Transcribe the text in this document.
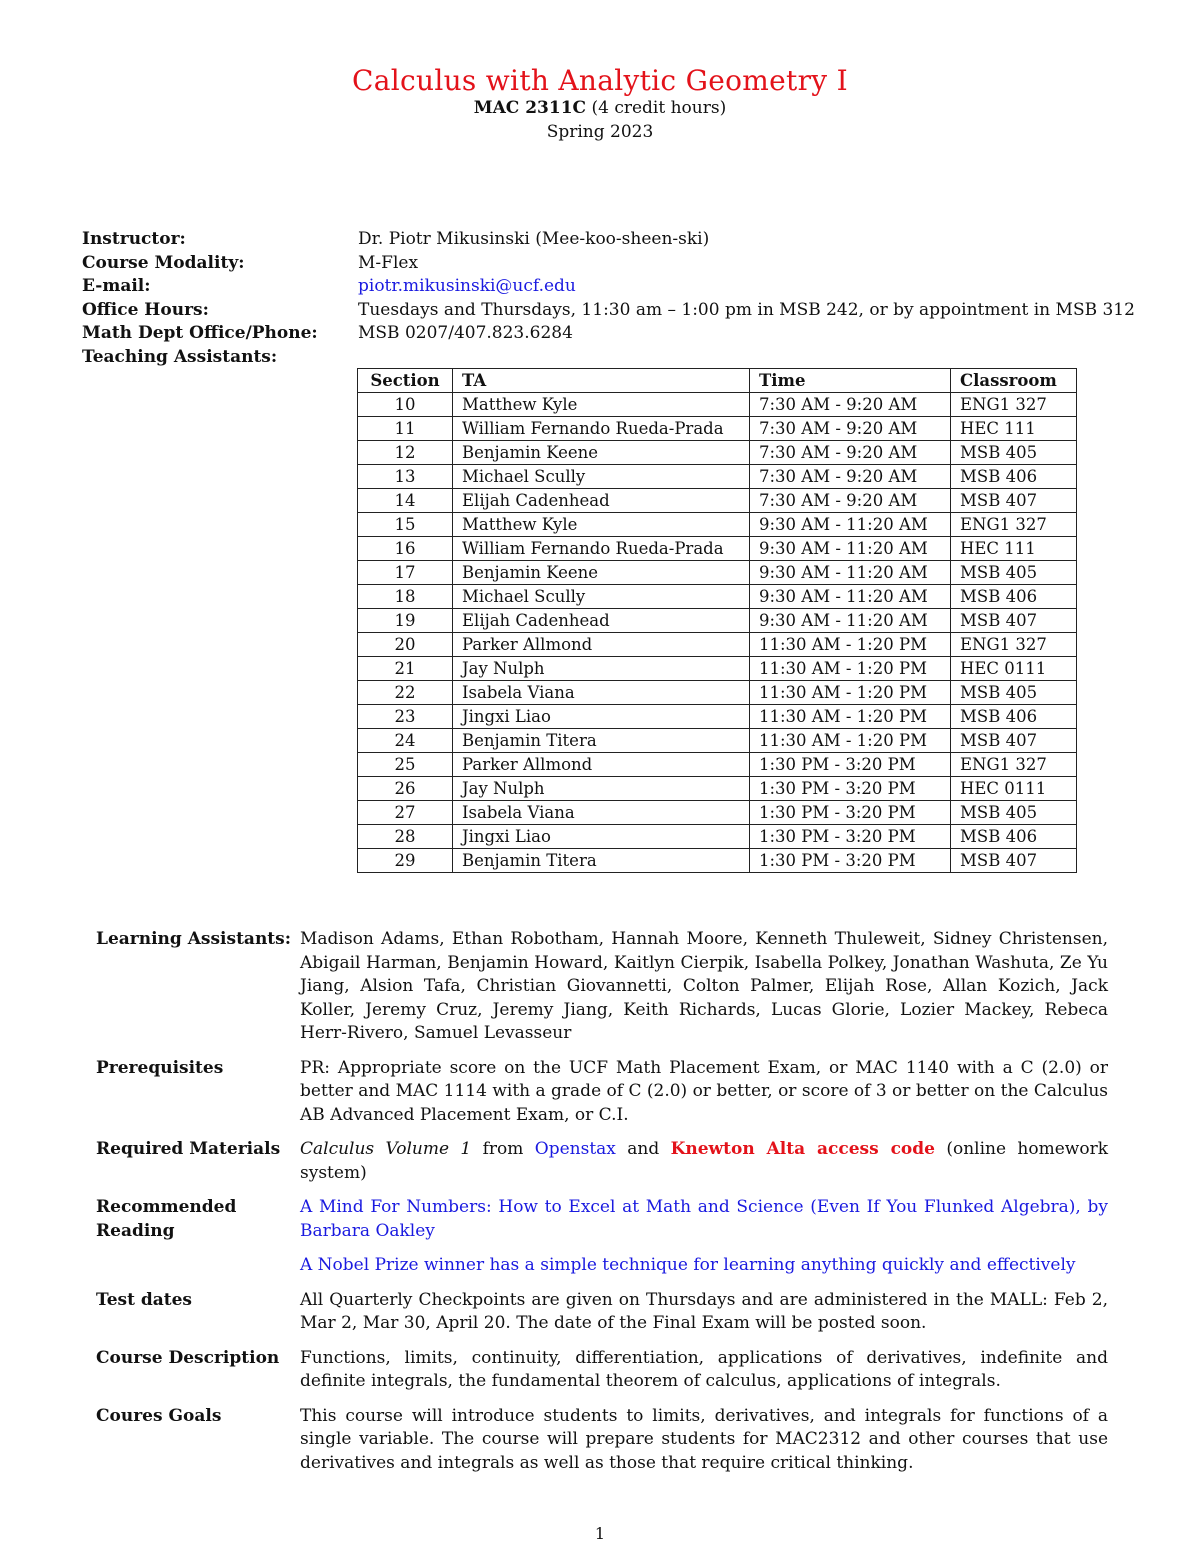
Calculus with Analytic Geometry I
MAC 2311C (4 credit hours)
Spring 2023
Instructor:	Dr. Piotr Mikusinski (Mee-koo-sheen-ski)
Course Modality:	M-Flex
E-mail:	piotr.mikusinski@ucf.edu
Office Hours:	Tuesdays and Thursdays, 11:30 am – 1:00 pm in MSB 242, or by appointment in MSB 312
Math Dept Office/Phone:	MSB 0207/407.823.6284
Teaching Assistants:
Section	TA	Time	Classroom
10	Matthew Kyle	7:30 AM - 9:20 AM	ENG1 327
11	William Fernando Rueda-Prada	7:30 AM - 9:20 AM	HEC 111
12	Benjamin Keene	7:30 AM - 9:20 AM	MSB 405
13	Michael Scully	7:30 AM - 9:20 AM	MSB 406
14	Elijah Cadenhead	7:30 AM - 9:20 AM	MSB 407
15	Matthew Kyle	9:30 AM - 11:20 AM	ENG1 327
16	William Fernando Rueda-Prada	9:30 AM - 11:20 AM	HEC 111
17	Benjamin Keene	9:30 AM - 11:20 AM	MSB 405
18	Michael Scully	9:30 AM - 11:20 AM	MSB 406
19	Elijah Cadenhead	9:30 AM - 11:20 AM	MSB 407
20	Parker Allmond	11:30 AM - 1:20 PM	ENG1 327
21	Jay Nulph	11:30 AM - 1:20 PM	HEC 0111
22	Isabela Viana	11:30 AM - 1:20 PM	MSB 405
23	Jingxi Liao	11:30 AM - 1:20 PM	MSB 406
24	Benjamin Titera	11:30 AM - 1:20 PM	MSB 407
25	Parker Allmond	1:30 PM - 3:20 PM	ENG1 327
26	Jay Nulph	1:30 PM - 3:20 PM	HEC 0111
27	Isabela Viana	1:30 PM - 3:20 PM	MSB 405
28	Jingxi Liao	1:30 PM - 3:20 PM	MSB 406
29	Benjamin Titera	1:30 PM - 3:20 PM	MSB 407
Learning Assistants: Madison Adams, Ethan Robotham, Hannah Moore, Kenneth Thuleweit, Sidney Christensen, Abigail Harman, Benjamin Howard, Kaitlyn Cierpik, Isabella Polkey, Jonathan Washuta, Ze Yu Jiang, Alsion Tafa, Christian Giovannetti, Colton Palmer, Elijah Rose, Allan Kozich, Jack Koller, Jeremy Cruz, Jeremy Jiang, Keith Richards, Lucas Glorie, Lozier Mackey, Rebeca Herr-Rivero, Samuel Levasseur
Prerequisites	PR: Appropriate score on the UCF Math Placement Exam, or MAC 1140 with a C (2.0) or better and MAC 1114 with a grade of C (2.0) or better, or score of 3 or better on the Calculus AB Advanced Placement Exam, or C.I.
Required Materials	Calculus Volume 1 from Openstax and Knewton Alta access code (online homework system)
Recommended Reading

A Mind For Numbers: How to Excel at Math and Science (Even If You Flunked Algebra), by Barbara Oakley

A Nobel Prize winner has a simple technique for learning anything quickly and effectively

Test dates	All Quarterly Checkpoints are given on Thursdays and are administered in the MALL: Feb 2, Mar 2, Mar 30, April 20. The date of the Final Exam will be posted soon.
Course Description	Functions, limits, continuity, differentiation, applications of derivatives, indefinite and definite integrals, the fundamental theorem of calculus, applications of integrals.
Coures Goals	This course will introduce students to limits, derivatives, and integrals for functions of a single variable. The course will prepare students for MAC2312 and other courses that use derivatives and integrals as well as those that require critical thinking.
1
